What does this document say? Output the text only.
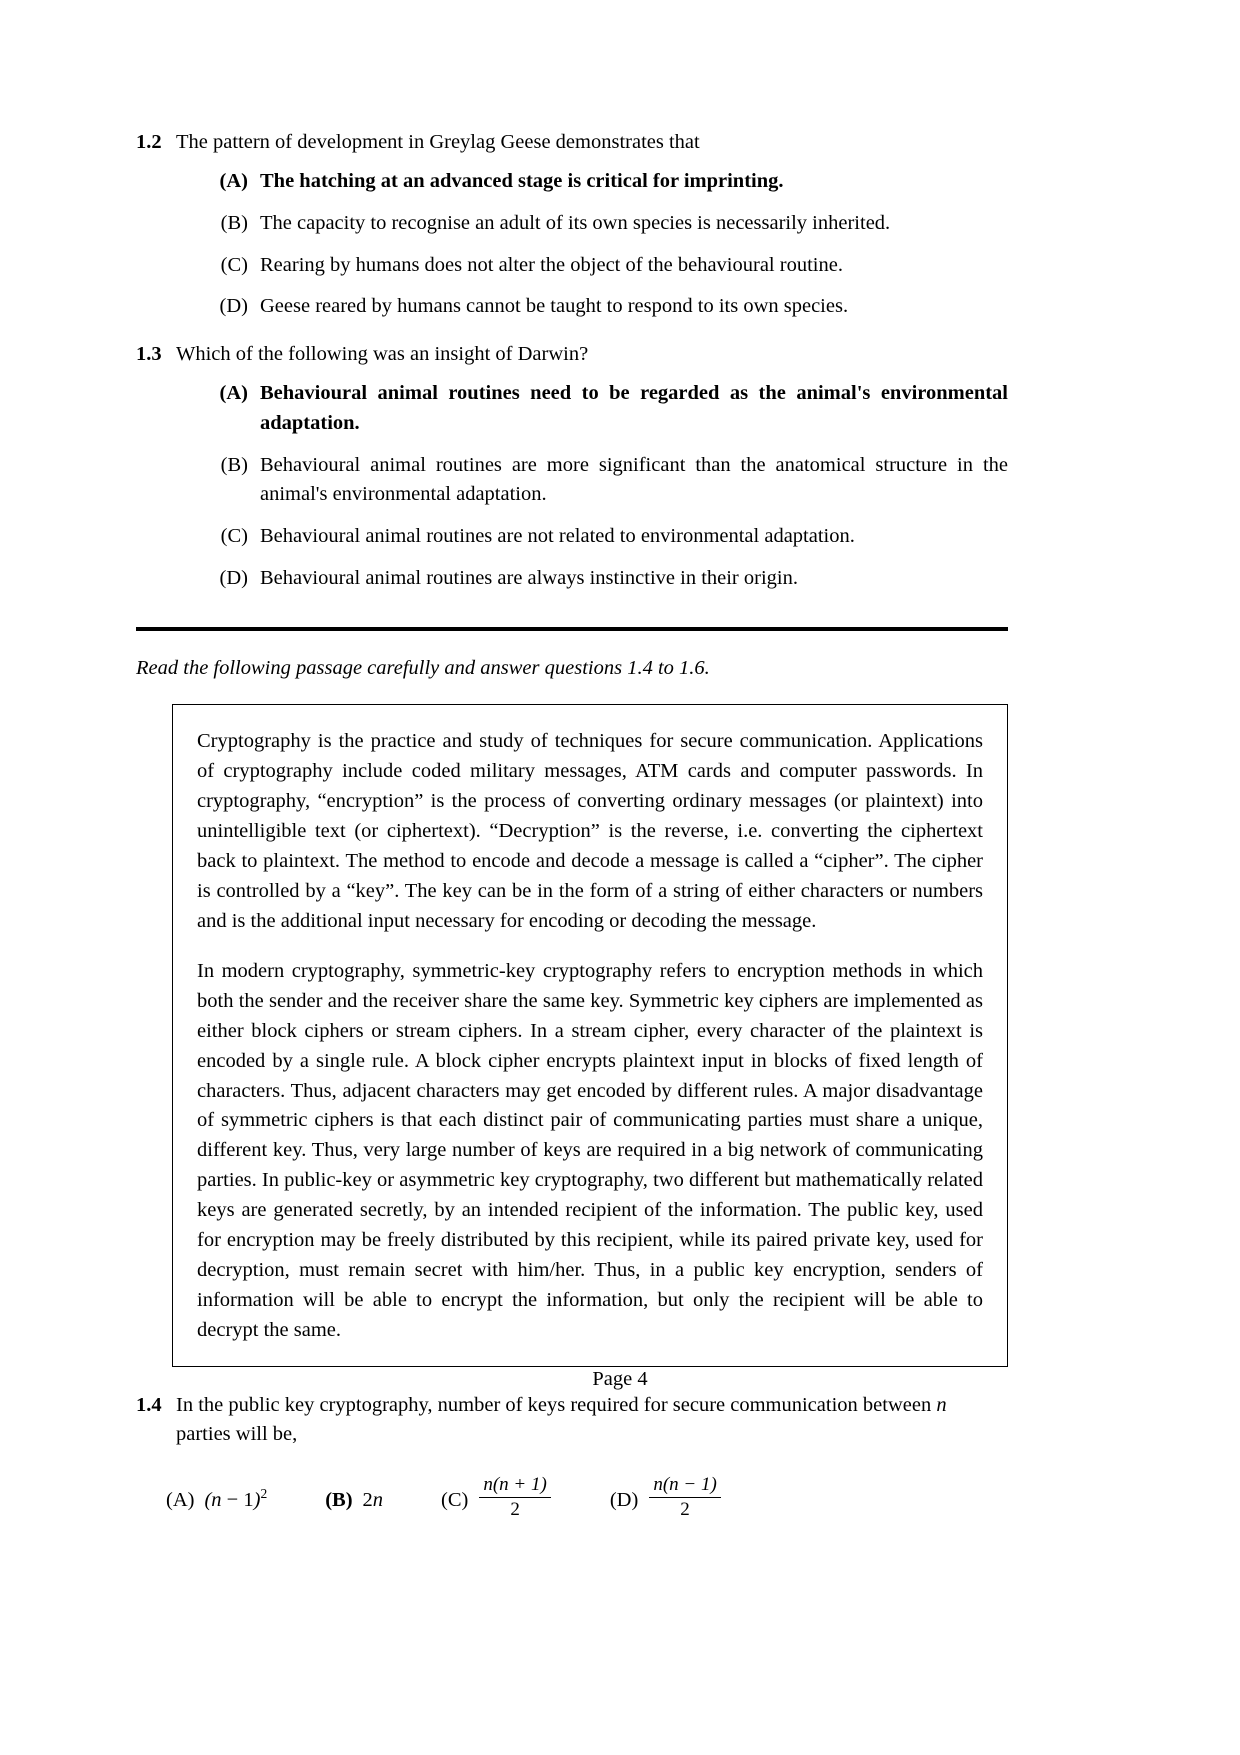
1.2 The pattern of development in Greylag Geese demonstrates that
(A) The hatching at an advanced stage is critical for imprinting.
(B) The capacity to recognise an adult of its own species is necessarily inherited.
(C) Rearing by humans does not alter the object of the behavioural routine.
(D) Geese reared by humans cannot be taught to respond to its own species.
1.3 Which of the following was an insight of Darwin?
(A) Behavioural animal routines need to be regarded as the animal's environmental adaptation.
(B) Behavioural animal routines are more significant than the anatomical structure in the animal's environmental adaptation.
(C) Behavioural animal routines are not related to environmental adaptation.
(D) Behavioural animal routines are always instinctive in their origin.
Read the following passage carefully and answer questions 1.4 to 1.6.

Cryptography is the practice and study of techniques for secure communication. Applications of cryptography include coded military messages, ATM cards and computer passwords. In cryptography, “encryption” is the process of converting ordinary messages (or plaintext) into unintelligible text (or ciphertext). “Decryption” is the reverse, i.e. converting the ciphertext back to plaintext. The method to encode and decode a message is called a “cipher”. The cipher is controlled by a “key”. The key can be in the form of a string of either characters or numbers and is the additional input necessary for encoding or decoding the message.

In modern cryptography, symmetric-key cryptography refers to encryption methods in which both the sender and the receiver share the same key. Symmetric key ciphers are implemented as either block ciphers or stream ciphers. In a stream cipher, every character of the plaintext is encoded by a single rule. A block cipher encrypts plaintext input in blocks of fixed length of characters. Thus, adjacent characters may get encoded by different rules. A major disadvantage of symmetric ciphers is that each distinct pair of communicating parties must share a unique, different key. Thus, very large number of keys are required in a big network of communicating parties. In public-key or asymmetric key cryptography, two different but mathematically related keys are generated secretly, by an intended recipient of the information. The public key, used for encryption may be freely distributed by this recipient, while its paired private key, used for decryption, must remain secret with him/her. Thus, in a public key encryption, senders of information will be able to encrypt the information, but only the recipient will be able to decrypt the same.

1.4 In the public key cryptography, number of keys required for secure communication between n
parties will be,
(A) $(n - 1)^2$	(B) 2n	$(C) \frac{n(n + 1)}{2}$	$(D) \frac{n(n - 1)}{2}$
Page 4
